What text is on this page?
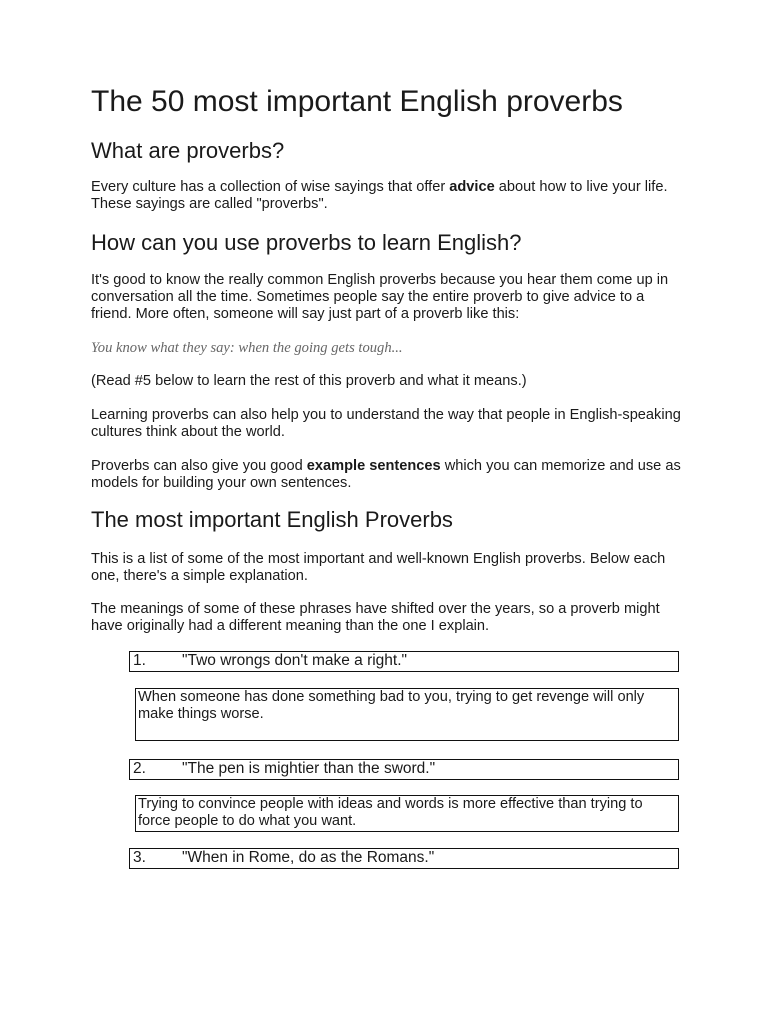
The 50 most important English proverbs
What are proverbs?

Every culture has a collection of wise sayings that offer advice about how to live your life. These sayings are called "proverbs".

How can you use proverbs to learn English?

It's good to know the really common English proverbs because you hear them come up in conversation all the time. Sometimes people say the entire proverb to give advice to a friend. More often, someone will say just part of a proverb like this:

You know what they say: when the going gets tough...

(Read #5 below to learn the rest of this proverb and what it means.)

Learning proverbs can also help you to understand the way that people in English-speaking cultures think about the world.

Proverbs can also give you good example sentences which you can memorize and use as models for building your own sentences.

The most important English Proverbs

This is a list of some of the most important and well-known English proverbs. Below each one, there's a simple explanation.

The meanings of some of these phrases have shifted over the years, so a proverb might have originally had a different meaning than the one I explain.

1. "Two wrongs don't make a right."
When someone has done something bad to you, trying to get revenge will only make things worse.
2. "The pen is mightier than the sword."
Trying to convince people with ideas and words is more effective than trying to force people to do what you want.
3. "When in Rome, do as the Romans."
